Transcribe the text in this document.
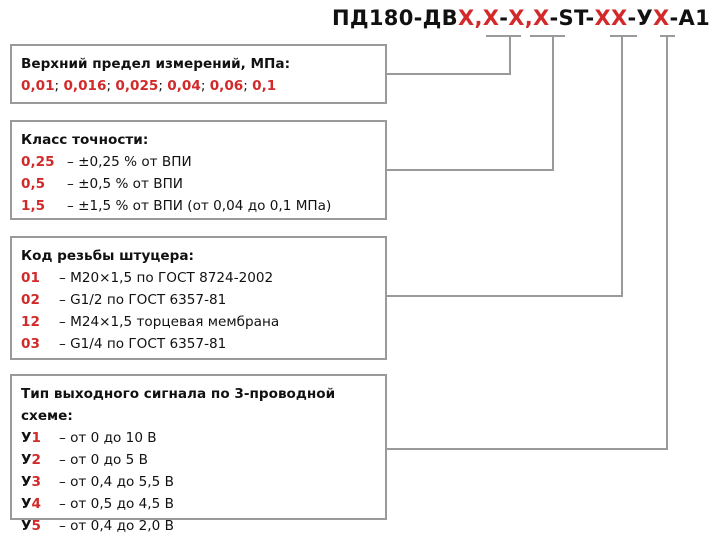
ПД180-ДВХ,Х-Х,Х-ST-ХХ-УХ-А1
Верхний предел измерений, МПа:
0,01; 0,016; 0,025; 0,04; 0,06; 0,1
Класс точности:
0,25 – ±0,25 % от ВПИ
0,5 – ±0,5 % от ВПИ
1,5 – ±1,5 % от ВПИ (от 0,04 до 0,1 МПа)
Код резьбы штуцера:
01 – M20×1,5 по ГОСТ 8724-2002
02 – G1/2 по ГОСТ 6357-81
12 – M24×1,5 торцевая мембрана
03 – G1/4 по ГОСТ 6357-81
Тип выходного сигнала по 3-проводной схеме:
У1 – от 0 до 10 В
У2 – от 0 до 5 В
У3 – от 0,4 до 5,5 В
У4 – от 0,5 до 4,5 В
У5 – от 0,4 до 2,0 В
